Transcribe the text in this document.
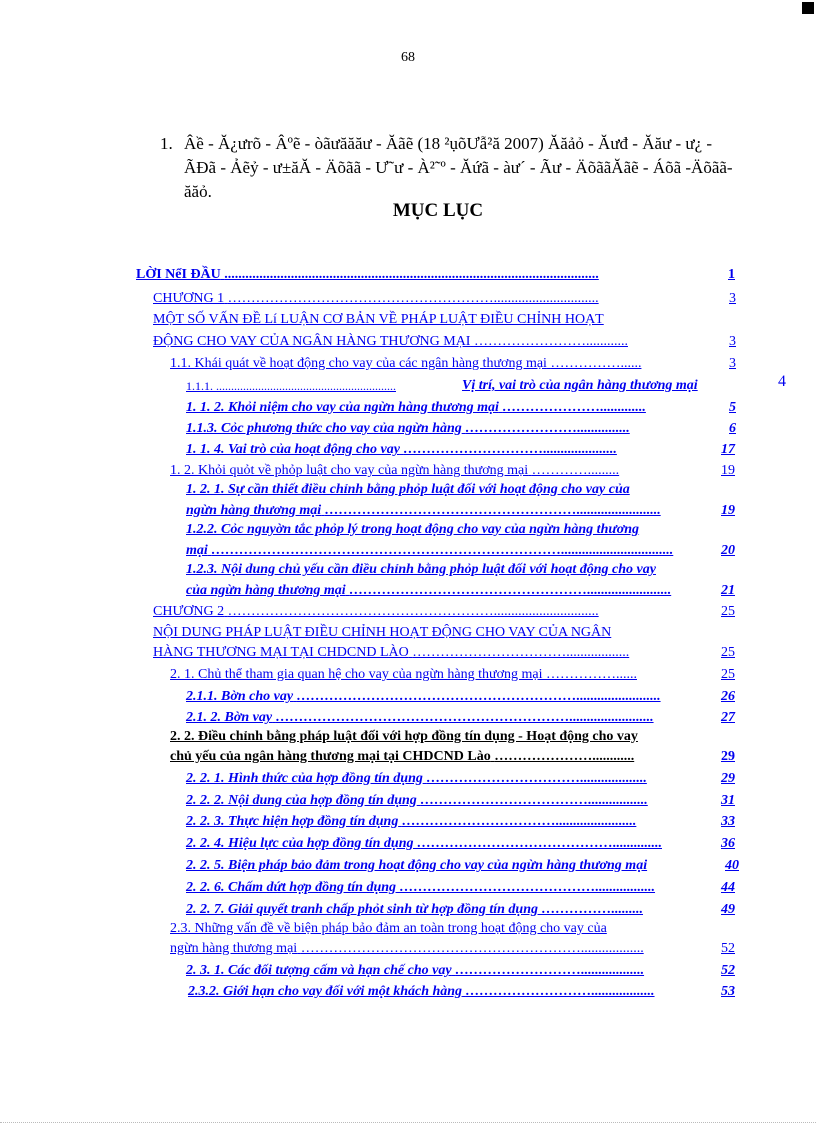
68
1. Âề - Ă¿ưrõ - Âºẽ - òãưăăăư - Ăãẽ (18 ²ụõƯẫ²ă 2007) Ăăảỏ - Ăưđ - Ăăư - ư¿ - ÃĐã - Ảẽỷ - ư±ăĂ - Äõãã - Ư˜ư - À²˜º - Ăứã - àư´ - Ãư - ÄõããĂãẽ - Áõã -Äõãã-ăăỏ.
MỤC LỤC
LỜI NểI ĐẦU ...........................................................................................................	1
CHƯƠNG 1 …………………………………………………..............................	3
MỘT SỐ VẤN ĐỀ Lí LUẬN CƠ BẢN VỀ PHÁP LUẬT ĐIỀU CHỈNH HOẠT
ĐỘNG CHO VAY CỦA NGÂN HÀNG THƯƠNG MẠI ……………………............	3
1.1. Khái quát về hoạt động cho vay của các ngân hàng thương mại ……………......	3
1.1.1. ............................................................	Vị trí, vai trò của ngân hàng thương mại	4
1. 1. 2. Khỏi niệm cho vay của ngừn hàng thương mại ………………….............	5
1.1.3. Cỏc phương thức cho vay của ngừn hàng ……………………...............	6
1. 1. 4. Vai trò của hoạt động cho vay ………………………….....................	17
1. 2. Khỏi quỏt về phỏp luật cho vay của ngừn hàng thương mại ………….........	19
1. 2. 1. Sự cần thiết điều chỉnh bằng phỏp luật đối với hoạt động cho vay của
ngừn hàng thương mại ………………………………………………........................	19
1.2.2. Cỏc nguyờn tắc phỏp lý trong hoạt động cho vay của ngừn hàng thương
mại …………………………………………………………………................................	20
1.2.3. Nội dung chủ yếu cần điều chỉnh bằng phỏp luật đối với hoạt động cho vay
của ngừn hàng thương mại ……………………………………………........................	21
CHƯƠNG 2 …………………………………………………..............................	25
NỘI DUNG PHÁP LUẬT ĐIỀU CHỈNH HOẠT ĐỘNG CHO VAY CỦA NGÂN
HÀNG THƯƠNG MẠI TẠI CHDCND LÀO ……………………………..................	25
2. 1. Chủ thể tham gia quan hệ cho vay của ngừn hàng thương mại ……………......	25
2.1.1. Bờn cho vay ……………………………………………………........................	26
2.1. 2. Bờn vay ………………………………………………………........................	27
2. 2. Điều chỉnh bằng pháp luật đối với hợp đồng tín dụng - Hoạt động cho vay
chủ yếu của ngân hàng thương mại tại CHDCND Lào …………………............	29
2. 2. 1. Hình thức của hợp đồng tín dụng ……………………………...................	29
2. 2. 2. Nội dung của hợp đồng tín dụng ……………………………….................	31
2. 2. 3. Thực hiện hợp đồng tín dụng …………………………….......................	33
2. 2. 4. Hiệu lực của hợp đồng tín dụng ……………………………………..............	36
2. 2. 5. Biện pháp bảo đảm trong hoạt động cho vay của ngừn hàng thương mại	40
2. 2. 6. Chấm dứt hợp đồng tín dụng …………………………………….................	44
2. 2. 7. Giải quyết tranh chấp phỏt sinh từ hợp đồng tín dụng …………….........	49
2.3. Những vấn đề về biện pháp bảo đảm an toàn trong hoạt động cho vay của
ngừn hàng thương mại ……………………………………………………..................	52
2. 3. 1. Các đối tượng cấm và hạn chế cho vay ………………………..................	52
2.3.2. Giới hạn cho vay đối với một khách hàng ………………………..................	53
